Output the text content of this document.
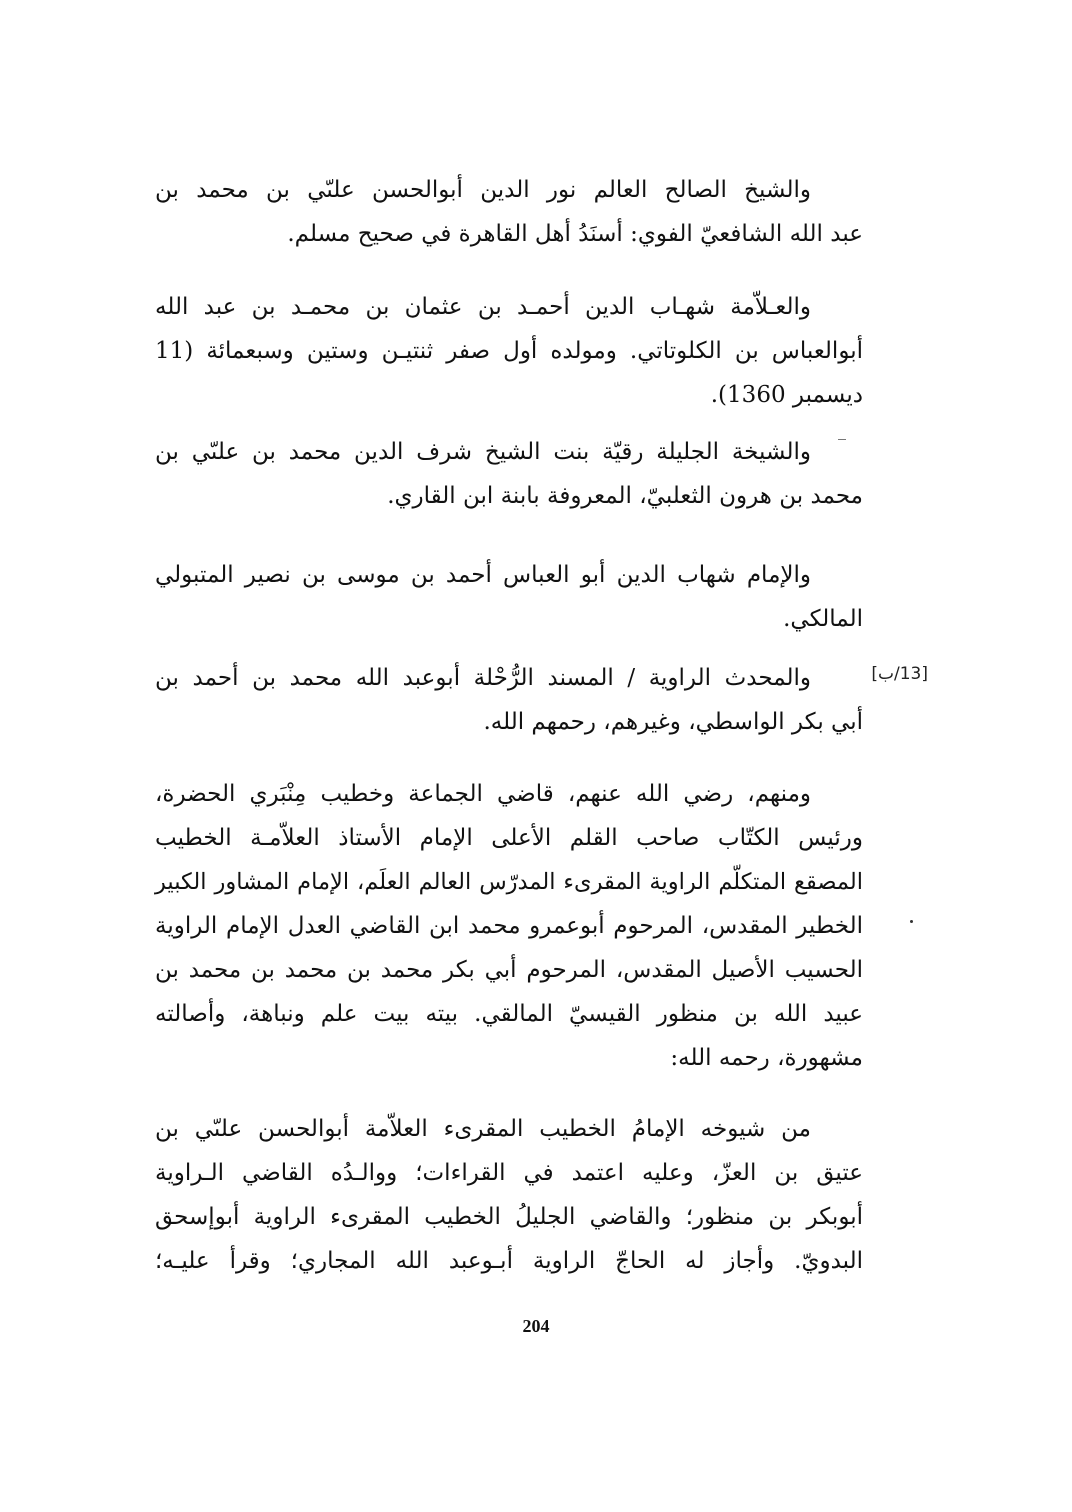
والشيخ الصالح العالم نور الدين أبوالحسن علىّي بن محمد بن
عبد الله الشافعيّ الفوي: أسنَدُ أهل القاهرة في صحيح مسلم.
والعـلاّمة شهـاب الدين أحمـد بن عثمان بن محمـد بن عبد الله
أبوالعباس بن الكلوتاتي. ومولده أول صفر ثنتيـن وستين وسبعمائة (11
ديسمبر 1360).
والشيخة الجليلة رقيّة بنت الشيخ شرف الدين محمد بن علىّي بن
محمد بن هرون الثعلبيّ، المعروفة بابنة ابن القاري.
والإمام شهاب الدين أبو العباس أحمد بن موسى بن نصير المتبولي
المالكي.
والمحدث الراوية / المسند الرُّحْلة أبوعبد الله محمد بن أحمد بن
أبي بكر الواسطي، وغيرهم، رحمهم الله.
[13/ب]
ومنهم، رضي الله عنهم، قاضي الجماعة وخطيب مِنْبَري الحضرة،
ورئيس الكتّاب صاحب القلم الأعلى الإمام الأستاذ العلاّمـة الخطيب
المصقع المتكلّم الراوية المقرىء المدرّس العالم العلَم، الإمام المشاور الكبير
الخطير المقدس، المرحوم أبوعمرو محمد ابن القاضي العدل الإمام الراوية
الحسيب الأصيل المقدس، المرحوم أبي بكر محمد بن محمد بن محمد بن
عبيد الله بن منظور القيسيّ المالقي. بيته بيت علم ونباهة، وأصالته
مشهورة، رحمه الله:
من شيوخه الإمامُ الخطيب المقرىء العلاّمة أبوالحسن علىّي بن
عتيق بن العزّ، وعليه اعتمد في القراءات؛ ووالـدُه القاضي الـراوية
أبوبكر بن منظور؛ والقاضي الجليلُ الخطيب المقرىء الراوية أبوإسحق
البدويّ. وأجاز له الحاجّ الراوية أبـوعبد الله المجاري؛ وقرأ عليـه؛
204
